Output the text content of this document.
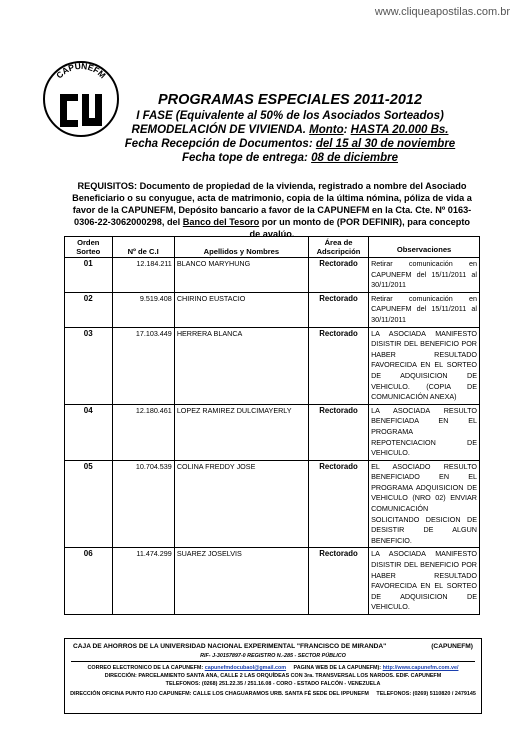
www.cliqueapostilas.com.br
CAPUNEFM
PROGRAMAS ESPECIALES 2011-2012
I FASE (Equivalente al 50% de los Asociados Sorteados)
REMODELACIÓN DE VIVIENDA. Monto: HASTA 20.000 Bs.
Fecha Recepción de Documentos: del 15 al 30 de noviembre
Fecha tope de entrega: 08 de diciembre
REQUISITOS: Documento de propiedad de la vivienda, registrado a nombre del Asociado Beneficiario o su conyugue, acta de matrimonio, copia de la última nómina, póliza de vida a favor de la CAPUNEFM, Depósito bancario a favor de la CAPUNEFM en la Cta. Cte. Nº 0163-0306-22-3062000298, del Banco del Tesoro por un monto de (POR DEFINIR), para concepto de avalúo.
Orden Sorteo	Nº de C.I	Apellidos y Nombres	Área de Adscripción	Observaciones
01	12.184.211	BLANCO MARYHUNG	Rectorado	Retirar comunicación en CAPUNEFM del 15/11/2011 al 30/11/2011
02	9.519.408	CHIRINO EUSTACIO	Rectorado	Retirar comunicación en CAPUNEFM del 15/11/2011 al 30/11/2011
03	17.103.449	HERRERA BLANCA	Rectorado	LA ASOCIADA MANIFESTO DISISTIR DEL BENEFICIO POR HABER RESULTADO FAVORECIDA EN EL SORTEO DE ADQUISICION DE VEHICULO. (COPIA DE COMUNICACIÓN ANEXA)
04	12.180.461	LOPEZ RAMIREZ DULCIMAYERLY	Rectorado	LA ASOCIADA RESULTO BENEFICIADA EN EL PROGRAMA REPOTENCIACION DE VEHICULO.
05	10.704.539	COLINA FREDDY JOSE	Rectorado	EL ASOCIADO RESULTO BENEFICIADO EN EL PROGRAMA ADQUISICION DE VEHICULO (NRO 02) ENVIAR COMUNICACIÓN SOLICITANDO DESICION DE DESISTIR DE ALGUN BENEFICIO.
06	11.474.299	SUAREZ JOSELVIS	Rectorado	LA ASOCIADA MANIFESTO DISISTIR DEL BENEFICIO POR HABER RESULTADO FAVORECIDA EN EL SORTEO DE ADQUISICION DE VEHICULO.
CAJA DE AHORROS DE LA UNIVERSIDAD NACIONAL EXPERIMENTAL "FRANCISCO DE MIRANDA"	(CAPUNEFM)
RIF- J-30157897-0 REGISTRO N.-285 - SECTOR PÚBLICO
CORREO ELECTRONICO DE LA CAPUNEFM: capunefmdocubaol@gmail.com PAGINA WEB DE LA CAPUNEFM): http://www.capunefm.com.ve/
DIRECCIÓN: PARCELAMIENTO SANTA ANA, CALLE 2 LAS ORQUÍDEAS CON 3ra. TRANSVERSAL LOS NARDOS. EDIF. CAPUNEFM
TELEFONOS: (0268) 251.22.35 / 251.16.08 - CORO - ESTADO FALCÓN - VENEZUELA
DIRECCIÓN OFICINA PUNTO FIJO CAPUNEFM: CALLE LOS CHAGUARAMOS URB. SANTA FÉ SEDE DEL IPPUNEFM TELEFONOS: (0269) 5110820 / 2479145
